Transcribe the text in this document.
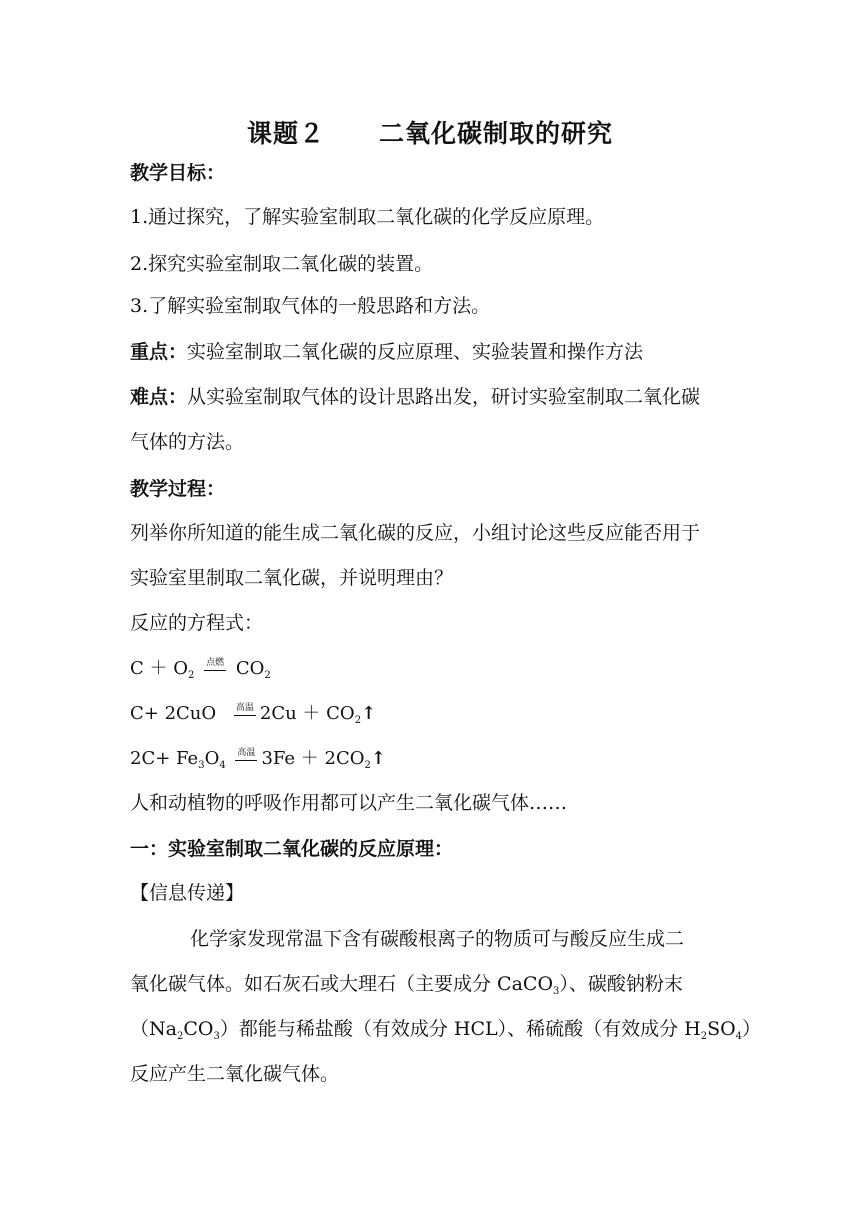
课题２ 二氧化碳制取的研究
教学目标：
1.通过探究，了解实验室制取二氧化碳的化学反应原理。
2.探究实验室制取二氧化碳的装置。
3.了解实验室制取气体的一般思路和方法。
重点：实验室制取二氧化碳的反应原理、实验装置和操作方法
难点：从实验室制取气体的设计思路出发，研讨实验室制取二氧化碳
气体的方法。
教学过程：
列举你所知道的能生成二氧化碳的反应，小组讨论这些反应能否用于
实验室里制取二氧化碳，并说明理由？
反应的方程式：
$C + O_2$
点燃 $CO_2$
C+ 2CuO	高温 $2Cu + CO_2↑$
$2C+ Fe_3O_4$
高温 $3Fe + 2CO_2↑$
人和动植物的呼吸作用都可以产生二氧化碳气体……
一：实验室制取二氧化碳的反应原理：
【信息传递】
化学家发现常温下含有碳酸根离子的物质可与酸反应生成二
氧化碳气体。如石灰石或大理石（主要成分 CaCO$_3$）、碳酸钠粉末
$(Na_2CO_3)$都能与稀盐酸（有效成分 HCL）、稀硫酸（有效成分 $H_2SO_4$）
反应产生二氧化碳气体。
